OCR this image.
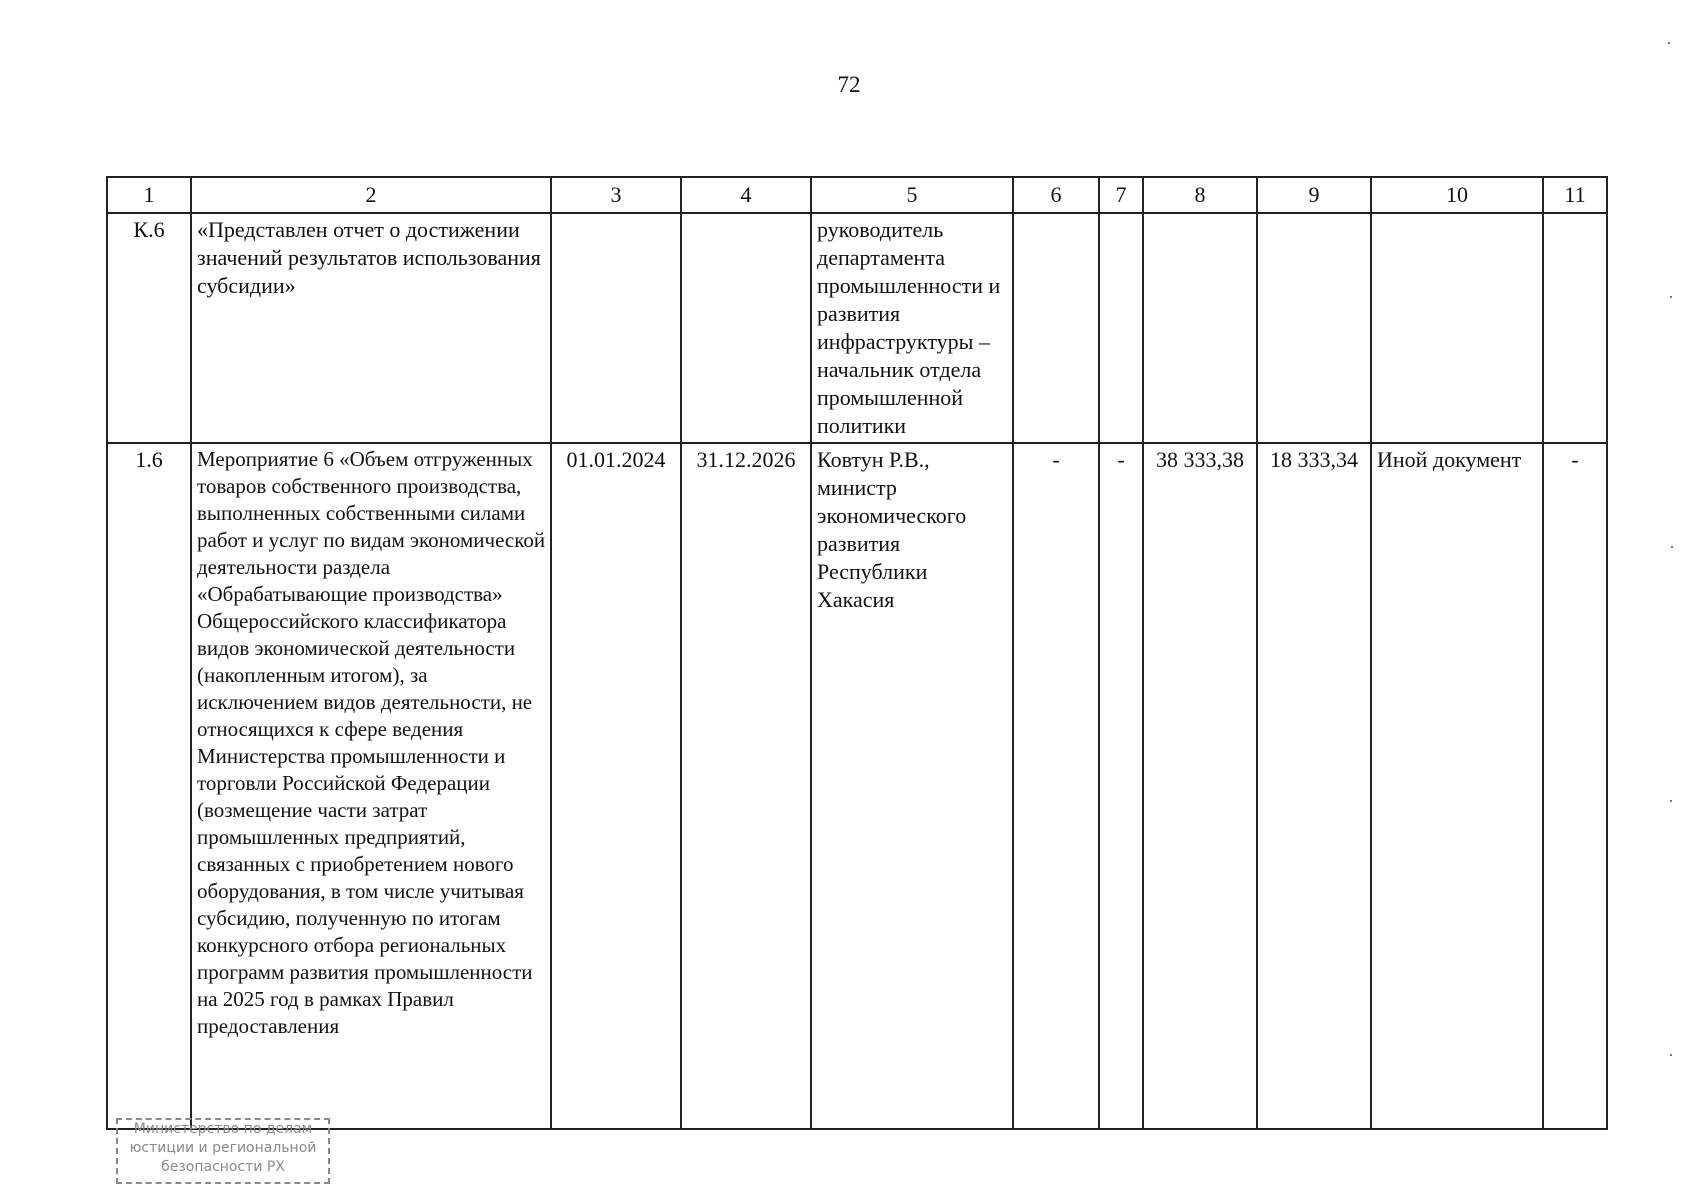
72
1	2	3	4	5	6	7	8	9	10	11
К.6	«Представлен отчет о достижении значений результатов использования субсидии»			руководитель департамента промышленности и развития инфраструктуры – начальник отдела промышленной политики						
1.6	Мероприятие 6 «Объем отгруженных товаров собственного производства, выполненных собственными силами работ и услуг по видам экономической деятельности раздела «Обрабатывающие производства» Общероссийского классификатора видов экономической деятельности (накопленным итогом), за исключением видов деятельности, не относящихся к сфере ведения Министерства промышленности и торговли Российской Федерации (возмещение части затрат промышленных предприятий, связанных с приобретением нового оборудования, в том числе учитывая субсидию, полученную по итогам конкурсного отбора региональных программ развития промышленности на 2025 год в рамках Правил предоставления	01.01.2024	31.12.2026	Ковтун Р.В., министр экономического развития Республики Хакасия	-	-	38 333,38	18 333,34	Иной документ	-
Министерство по делам
юстиции и региональной
безопасности РХ
